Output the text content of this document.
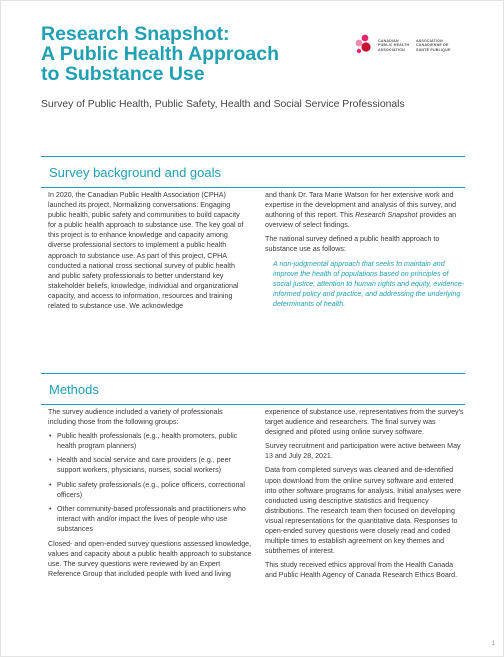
Research Snapshot:
A Public Health Approach
to Substance Use
CANADIAN
PUBLIC HEALTH
ASSOCIATION
ASSOCIATION
CANADIENNE DE
SANTÉ PUBLIQUE
Survey of Public Health, Public Safety, Health and Social Service Professionals
Survey background and goals

In 2020, the Canadian Public Health Association (CPHA) launched its project, Normalizing conversations: Engaging public health, public safety and communities to build capacity for a public health approach to substance use. The key goal of this project is to enhance knowledge and capacity among diverse professional sectors to implement a public health approach to substance use. As part of this project, CPHA conducted a national cross sectional survey of public health and public safety professionals to better understand key stakeholder beliefs, knowledge, individual and organizational capacity, and access to information, resources and training related to substance use. We acknowledge

and thank Dr. Tara Marie Watson for her extensive work and expertise in the development and analysis of this survey, and authoring of this report. This Research Snapshot provides an overview of select findings.

The national survey defined a public health approach to substance use as follows:

A non-judgmental approach that seeks to maintain and improve the health of populations based on principles of social justice, attention to human rights and equity, evidence-informed policy and practice, and addressing the underlying determinants of health.

Methods

The survey audience included a variety of professionals including those from the following groups:

• Public health professionals (e.g., health promoters, public health program planners)
• Health and social service and care providers (e.g., peer support workers, physicians, nurses, social workers)
• Public safety professionals (e.g., police officers, correctional officers)
• Other community-based professionals and practitioners who interact with and/or impact the lives of people who use substances

Closed- and open-ended survey questions assessed knowledge, values and capacity about a public health approach to substance use. The survey questions were reviewed by an Expert Reference Group that included people with lived and living

experience of substance use, representatives from the survey's target audience and researchers. The final survey was designed and piloted using online survey software.

Survey recruitment and participation were active between May 13 and July 28, 2021.

Data from completed surveys was cleaned and de-identified upon download from the online survey software and entered into other software programs for analysis. Initial analyses were conducted using descriptive statistics and frequency distributions. The research team then focused on developing visual representations for the quantitative data. Responses to open-ended survey questions were closely read and coded multiple times to establish agreement on key themes and subthemes of interest.

This study received ethics approval from the Health Canada and Public Health Agency of Canada Research Ethics Board.

1
